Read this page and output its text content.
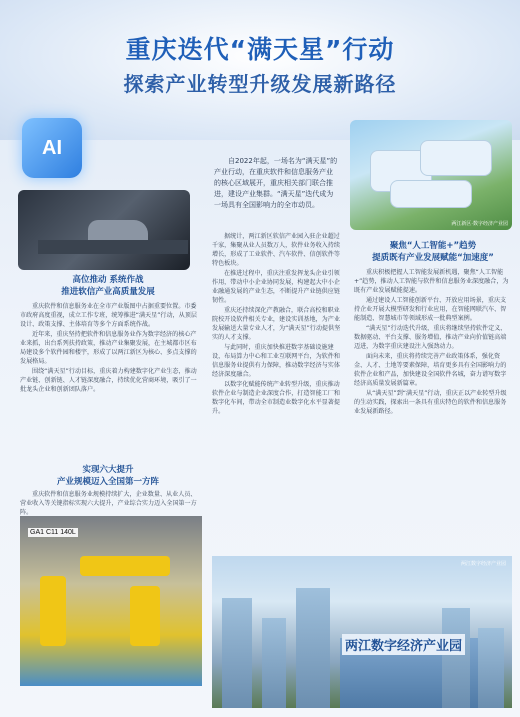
重庆迭代“满天星”行动
探索产业转型升级发展新路径
AI
自2022年起，一场名为“满天星”的产业行动，在重庆软件和信息服务产业的核心区域展开，重庆相关部门联合推进，建设产业集群。“满天星”迭代成为一场具有全国影响力的全市动员。
两江新区·数字经济产业园
高位推动 系统作战
推进软信产业高质量发展

重庆软件和信息服务业在全市产业版图中占据重要位置。市委市政府高度重视，成立工作专班，统筹推进“满天星”行动，从顶层设计、政策支撑、主体培育等多个方面系统作战。

近年来，重庆坚持把软件和信息服务业作为数字经济的核心产业来抓，出台系列扶持政策，推动产业集聚发展，在主城都市区布局建设多个软件园和楼宇，形成了以两江新区为核心、多点支撑的发展格局。

围绕“满天星”行动目标，重庆着力构建数字化产业生态，推动产业链、创新链、人才链深度融合，持续优化营商环境，吸引了一批龙头企业和创新团队落户。

实现六大提升
产业规模迈入全国第一方阵

重庆软件和信息服务业规模持续扩大，企业数量、从业人员、营业收入等关键指标实现六大提升，产业综合实力迈入全国第一方阵。

GA1 C11 140L

据统计，两江新区软信产业园入驻企业超过千家，集聚从业人员数万人，软件业务收入持续增长，形成了工业软件、汽车软件、信创软件等特色板块。

在推进过程中，重庆注重发挥龙头企业引领作用，带动中小企业协同发展，构建起大中小企业融通发展的产业生态，不断提升产业链供应链韧性。

重庆还持续深化产教融合，联合高校和职业院校开设软件相关专业，建设实训基地，为产业发展输送大量专业人才，为“满天星”行动提供坚实的人才支撑。

与此同时，重庆加快推进数字基础设施建设，布局算力中心和工业互联网平台，为软件和信息服务业提供有力保障，推动数字经济与实体经济深度融合。

以数字化赋能传统产业转型升级，重庆推动软件企业与制造企业深度合作，打造智能工厂和数字化车间，带动全市制造业数字化水平显著提升。

聚焦“人工智能+”趋势
提质既有产业发展赋能“加速度”

重庆积极把握人工智能发展新机遇，聚焦“人工智能+”趋势，推动人工智能与软件和信息服务业深度融合，为既有产业发展赋能提速。

通过建设人工智能创新平台、开放应用场景，重庆支持企业开展大模型研发和行业应用，在智能网联汽车、智能制造、智慧城市等领域形成一批典型案例。

“满天星”行动迭代升级，重庆将继续坚持软件定义、数据驱动、平台支撑、服务增值，推动产业向价值链高端迈进，为数字重庆建设注入强劲动力。

面向未来，重庆将持续完善产业政策体系，强化资金、人才、土地等要素保障，培育更多具有全国影响力的软件企业和产品，加快建设全国软件名城，奋力谱写数字经济高质量发展新篇章。

从“满天星”到“满天星”行动，重庆正以产业转型升级的生动实践，探索出一条具有重庆特色的软件和信息服务业发展新路径。

两江数字经济产业园
两江数字经济产业园
